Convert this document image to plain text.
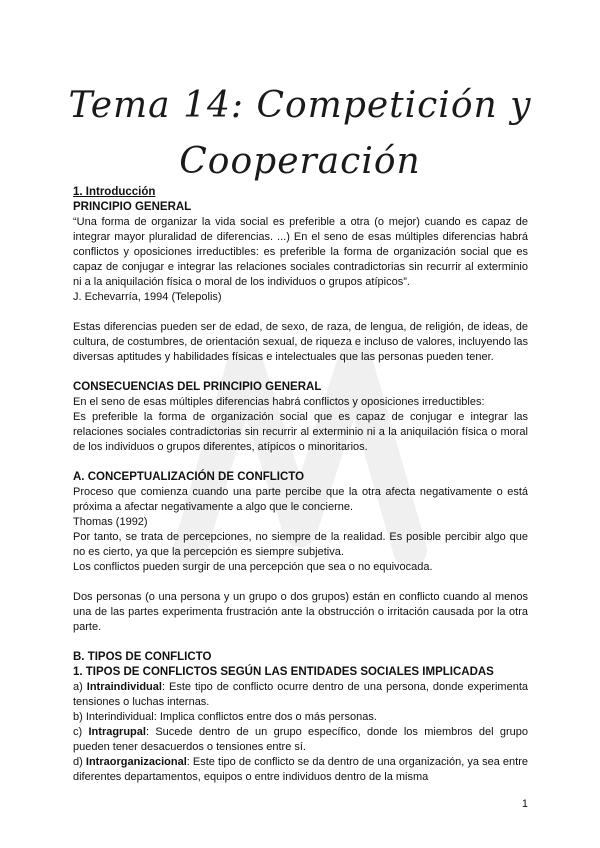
Tema 14: Competición y
Cooperación

1. Introducción

PRINCIPIO GENERAL

“Una forma de organizar la vida social es preferible a otra (o mejor) cuando es capaz de integrar mayor pluralidad de diferencias. ...) En el seno de esas múltiples diferencias habrá conflictos y oposiciones irreductibles: es preferible la forma de organización social que es capaz de conjugar e integrar las relaciones sociales contradictorias sin recurrir al exterminio ni a la aniquilación física o moral de los individuos o grupos atípicos”.

J. Echevarría, 1994 (Telepolis)

Estas diferencias pueden ser de edad, de sexo, de raza, de lengua, de religión, de ideas, de cultura, de costumbres, de orientación sexual, de riqueza e incluso de valores, incluyendo las diversas aptitudes y habilidades físicas e intelectuales que las personas pueden tener.

CONSECUENCIAS DEL PRINCIPIO GENERAL

En el seno de esas múltiples diferencias habrá conflictos y oposiciones irreductibles:

Es preferible la forma de organización social que es capaz de conjugar e integrar las relaciones sociales contradictorias sin recurrir al exterminio ni a la aniquilación física o moral de los individuos o grupos diferentes, atípicos o minoritarios.

A. CONCEPTUALIZACIÓN DE CONFLICTO

Proceso que comienza cuando una parte percibe que la otra afecta negativamente o está próxima a afectar negativamente a algo que le concierne.

Thomas (1992)

Por tanto, se trata de percepciones, no siempre de la realidad. Es posible percibir algo que no es cierto, ya que la percepción es siempre subjetiva.

Los conflictos pueden surgir de una percepción que sea o no equivocada.

Dos personas (o una persona y un grupo o dos grupos) están en conflicto cuando al menos una de las partes experimenta frustración ante la obstrucción o irritación causada por la otra parte.

B. TIPOS DE CONFLICTO

1. TIPOS DE CONFLICTOS SEGÚN LAS ENTIDADES SOCIALES IMPLICADAS

a) Intraindividual: Este tipo de conflicto ocurre dentro de una persona, donde experimenta tensiones o luchas internas.

b) Interindividual: Implica conflictos entre dos o más personas.

c) Intragrupal: Sucede dentro de un grupo específico, donde los miembros del grupo pueden tener desacuerdos o tensiones entre sí.

d) Intraorganizacional: Este tipo de conflicto se da dentro de una organización, ya sea entre diferentes departamentos, equipos o entre individuos dentro de la misma

1
